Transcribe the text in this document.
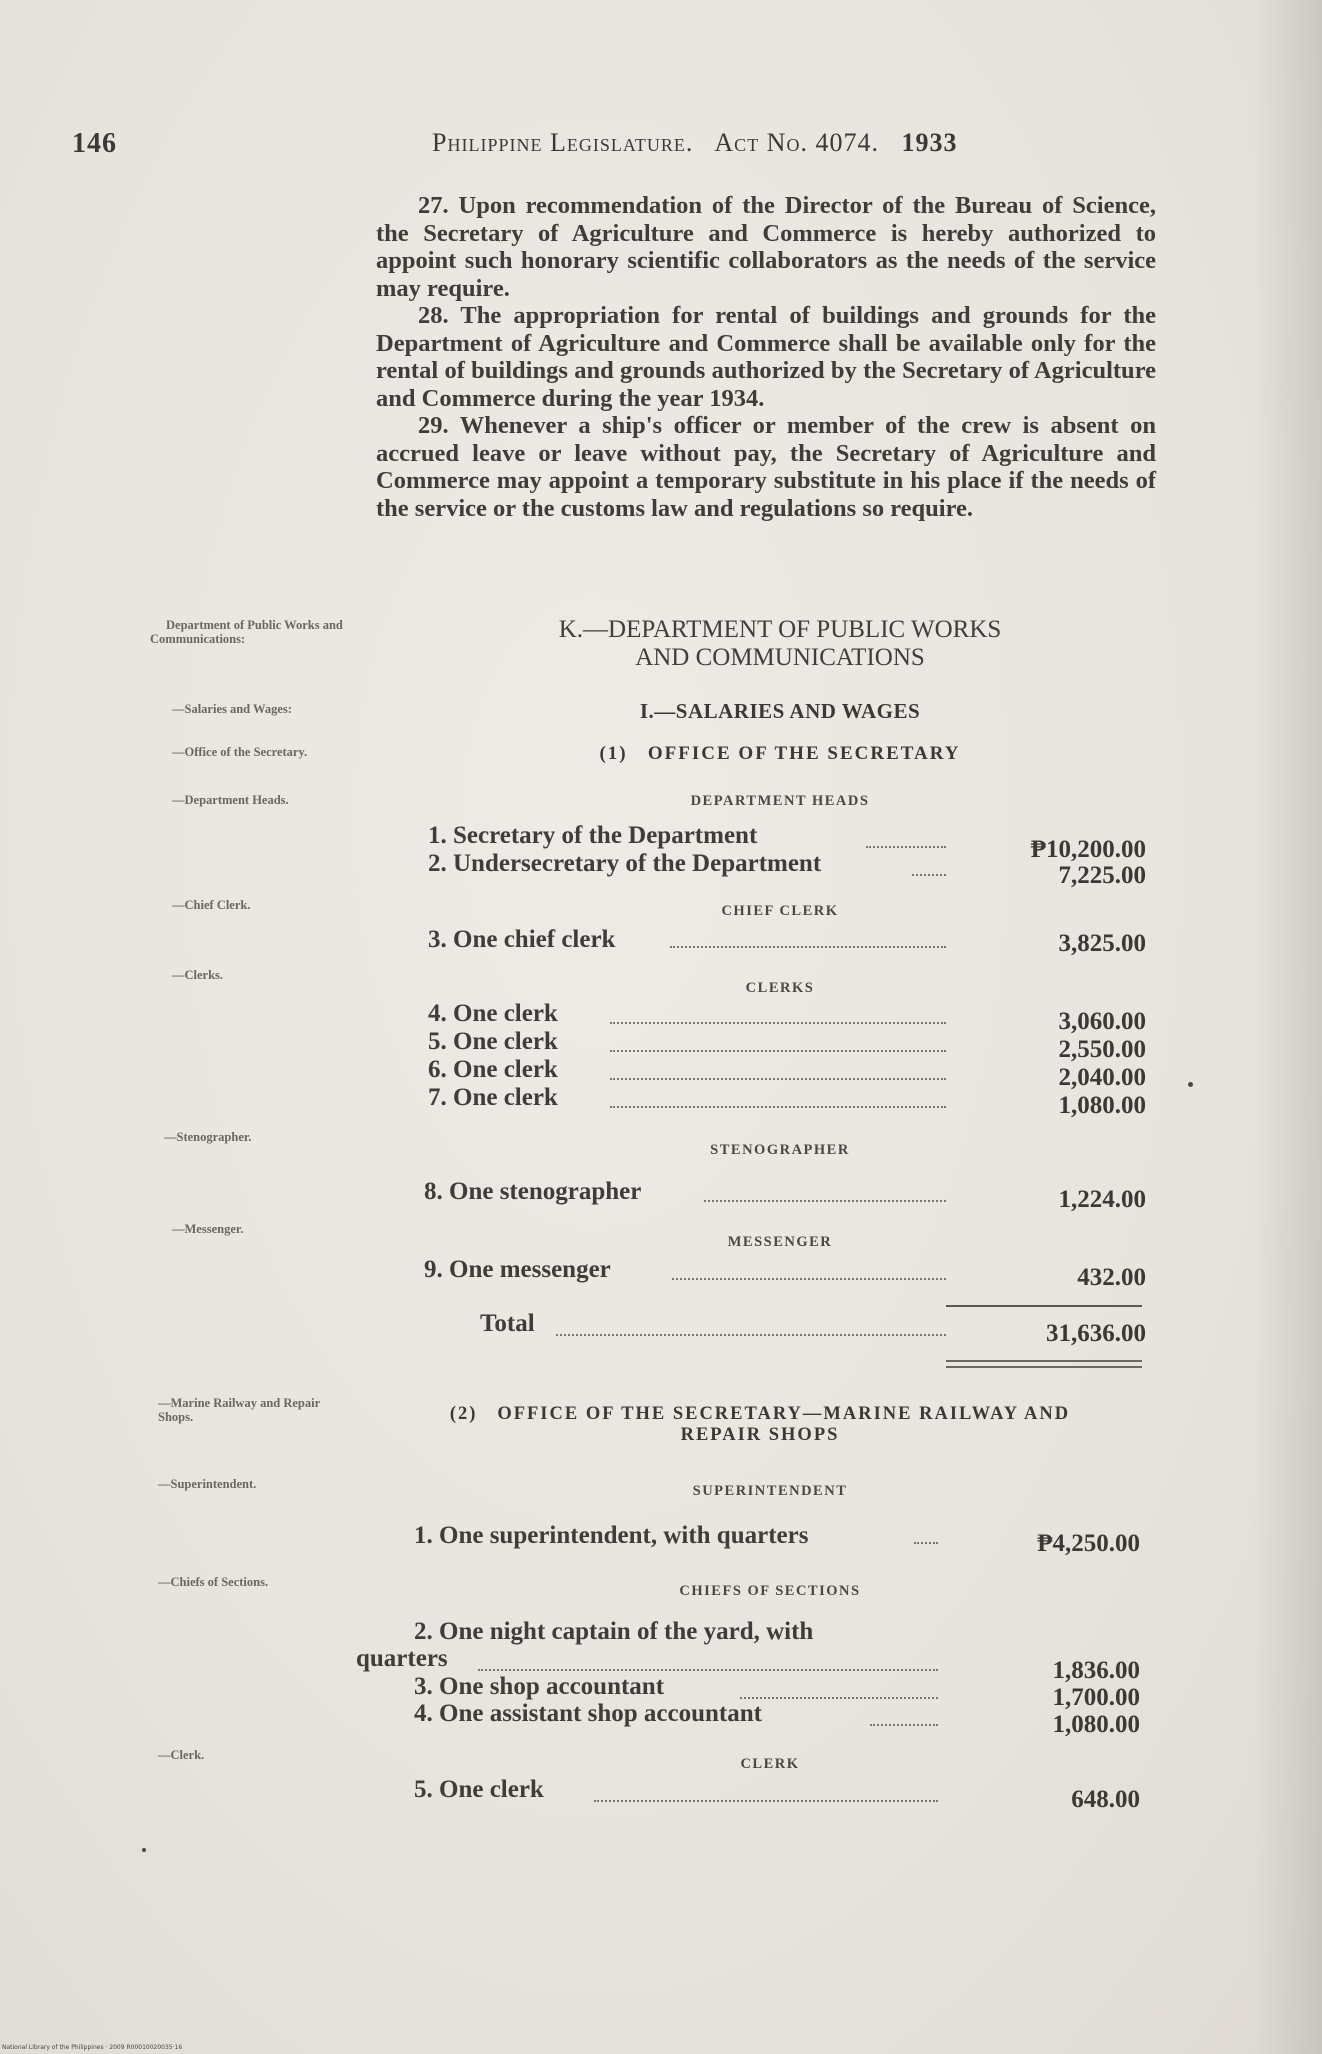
146	Philippine Legislature. Act No. 4074. 1933

27. Upon recommendation of the Director of the Bureau of Science, the Secretary of Agriculture and Commerce is hereby authorized to appoint such honorary scientific collaborators as the needs of the service may require.

28. The appropriation for rental of buildings and grounds for the Department of Agriculture and Commerce shall be available only for the rental of buildings and grounds authorized by the Secretary of Agriculture and Commerce during the year 1934.

29. Whenever a ship's officer or member of the crew is absent on accrued leave or leave without pay, the Secretary of Agriculture and Commerce may appoint a temporary substitute in his place if the needs of the service or the customs law and regulations so require.

Department of Public Works and Communications:
—Salaries and Wages:
—Office of the Secretary.
—Department Heads.
—Chief Clerk.
—Clerks.
—Stenographer.
—Messenger.
—Marine Railway and Repair Shops.
—Superintendent.
—Chiefs of Sections.
—Clerk.
K.—DEPARTMENT OF PUBLIC WORKS
AND COMMUNICATIONS
I.—SALARIES AND WAGES
(1) OFFICE OF THE SECRETARY
DEPARTMENT HEADS
1. Secretary of the Department
2. Undersecretary of the Department
CHIEF CLERK
3. One chief clerk
CLERKS
4. One clerk
5. One clerk
6. One clerk
7. One clerk
STENOGRAPHER
8. One stenographer
MESSENGER
9. One messenger
Total
(2) OFFICE OF THE SECRETARY—MARINE RAILWAY AND
REPAIR SHOPS
SUPERINTENDENT
1. One superintendent, with quarters
CHIEFS OF SECTIONS
2. One night captain of the yard, with
quarters
3. One shop accountant
4. One assistant shop accountant
CLERK
5. One clerk
₱10,200.00
7,225.00
3,825.00
3,060.00
2,550.00
2,040.00
1,080.00
1,224.00
432.00
31,636.00
₱4,250.00
1,836.00
1,700.00
1,080.00
648.00
National Library of the Philippines · 2009 R00010020035·16
